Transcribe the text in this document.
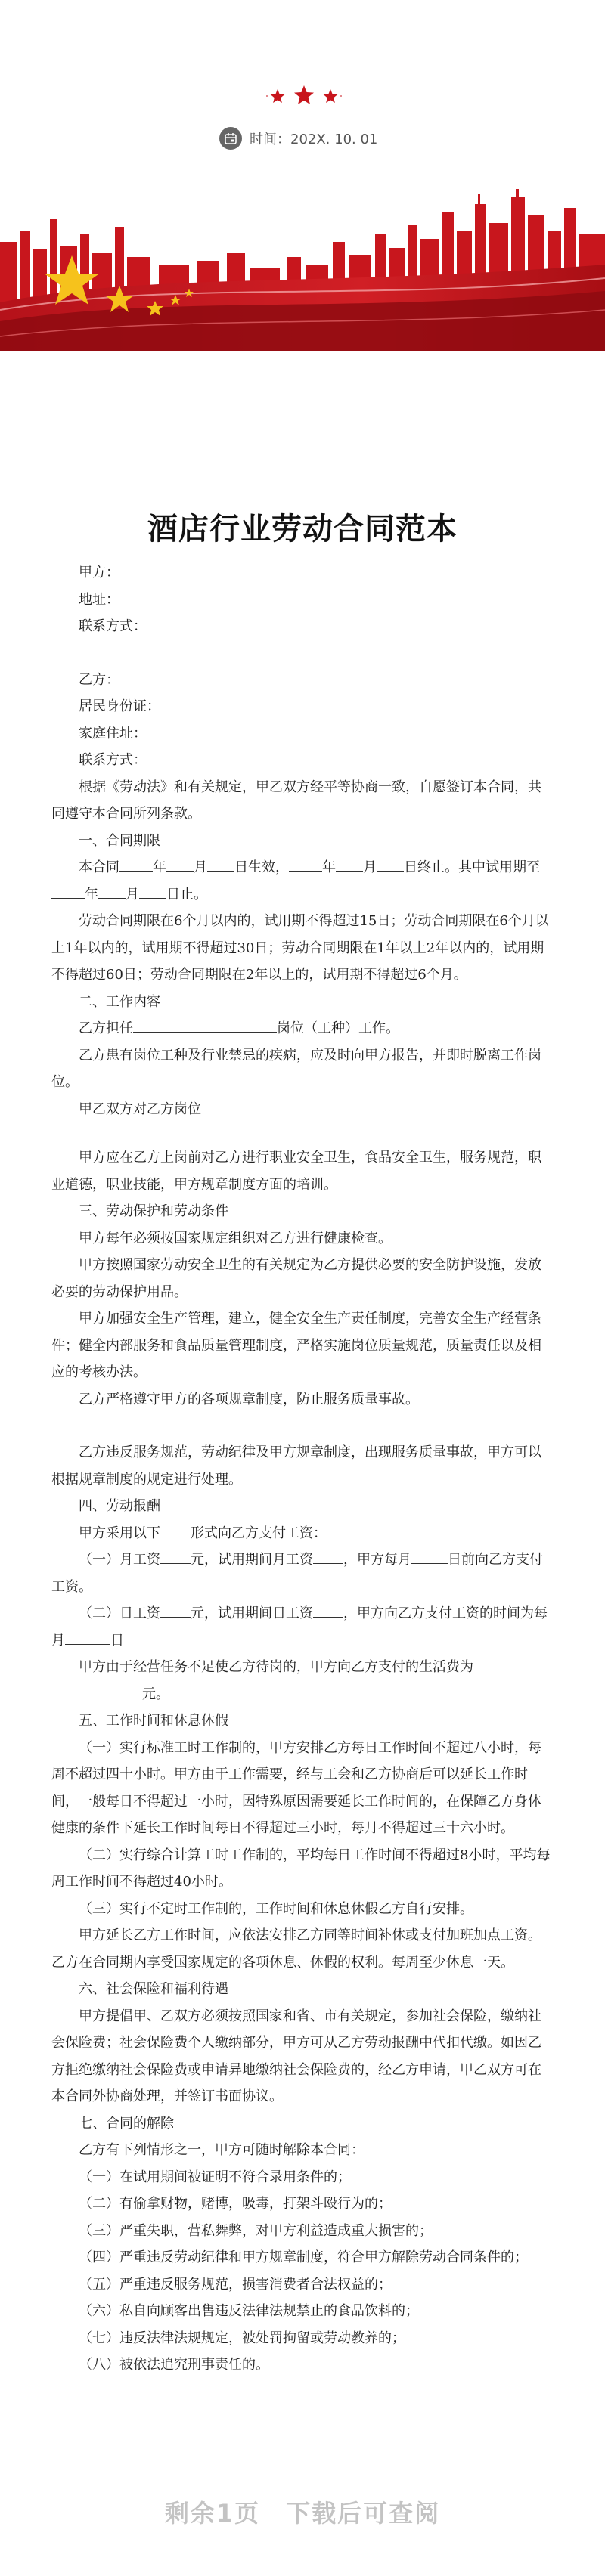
时间：202X. 10. 01
酒店行业劳动合同范本

甲方：

地址：

联系方式：

乙方：

居民身份证：

家庭住址：

联系方式：

根据《劳动法》和有关规定，甲乙双方经平等协商一致，自愿签订本合同，共同遵守本合同所列条款。

一、合同期限

本合同 年 月 日生效， 年 月 日终止。其中试用期至年 月 日止。

劳动合同期限在6个月以内的，试用期不得超过15日；劳动合同期限在6个月以上1年以内的，试用期不得超过30日；劳动合同期限在1年以上2年以内的，试用期不得超过60日；劳动合同期限在2年以上的，试用期不得超过6个月。

二、工作内容

乙方担任	岗位（工种）工作。

乙方患有岗位工种及行业禁忌的疾病，应及时向甲方报告，并即时脱离工作岗位。

甲乙双方对乙方岗位

甲方应在乙方上岗前对乙方进行职业安全卫生，食品安全卫生，服务规范，职业道德，职业技能，甲方规章制度方面的培训。

三、劳动保护和劳动条件

甲方每年必须按国家规定组织对乙方进行健康检查。

甲方按照国家劳动安全卫生的有关规定为乙方提供必要的安全防护设施，发放必要的劳动保护用品。

甲方加强安全生产管理，建立，健全安全生产责任制度，完善安全生产经营条件；健全内部服务和食品质量管理制度，严格实施岗位质量规范，质量责任以及相应的考核办法。

乙方严格遵守甲方的各项规章制度，防止服务质量事故。

乙方违反服务规范，劳动纪律及甲方规章制度，出现服务质量事故，甲方可以根据规章制度的规定进行处理。

四、劳动报酬

甲方采用以下 形式向乙方支付工资：

（一）月工资 元，试用期间月工资 ，甲方每月	日前向乙方支付工资。

（二）日工资 元，试用期间日工资 ，甲方向乙方支付工资的时间为每月	日

甲方由于经营任务不足使乙方待岗的，甲方向乙方支付的生活费为元。

五、工作时间和休息休假

（一）实行标准工时工作制的，甲方安排乙方每日工作时间不超过八小时，每周不超过四十小时。甲方由于工作需要，经与工会和乙方协商后可以延长工作时间，一般每日不得超过一小时，因特殊原因需要延长工作时间的，在保障乙方身体健康的条件下延长工作时间每日不得超过三小时，每月不得超过三十六小时。

（二）实行综合计算工时工作制的，平均每日工作时间不得超过8小时，平均每周工作时间不得超过40小时。

（三）实行不定时工作制的，工作时间和休息休假乙方自行安排。

甲方延长乙方工作时间，应依法安排乙方同等时间补休或支付加班加点工资。乙方在合同期内享受国家规定的各项休息、休假的权利。每周至少休息一天。

六、社会保险和福利待遇

甲方提倡甲、乙双方必须按照国家和省、市有关规定，参加社会保险，缴纳社会保险费；社会保险费个人缴纳部分，甲方可从乙方劳动报酬中代扣代缴。如因乙方拒绝缴纳社会保险费或申请异地缴纳社会保险费的，经乙方申请，甲乙双方可在本合同外协商处理，并签订书面协议。

七、合同的解除

乙方有下列情形之一，甲方可随时解除本合同：

（一）在试用期间被证明不符合录用条件的；

（二）有偷拿财物，赌博，吸毒，打架斗殴行为的；

（三）严重失职，营私舞弊，对甲方利益造成重大损害的；

（四）严重违反劳动纪律和甲方规章制度，符合甲方解除劳动合同条件的；

（五）严重违反服务规范，损害消费者合法权益的；

（六）私自向顾客出售违反法律法规禁止的食品饮料的；

（七）违反法律法规规定，被处罚拘留或劳动教养的；

（八）被依法追究刑事责任的。

剩余1页　下载后可查阅
